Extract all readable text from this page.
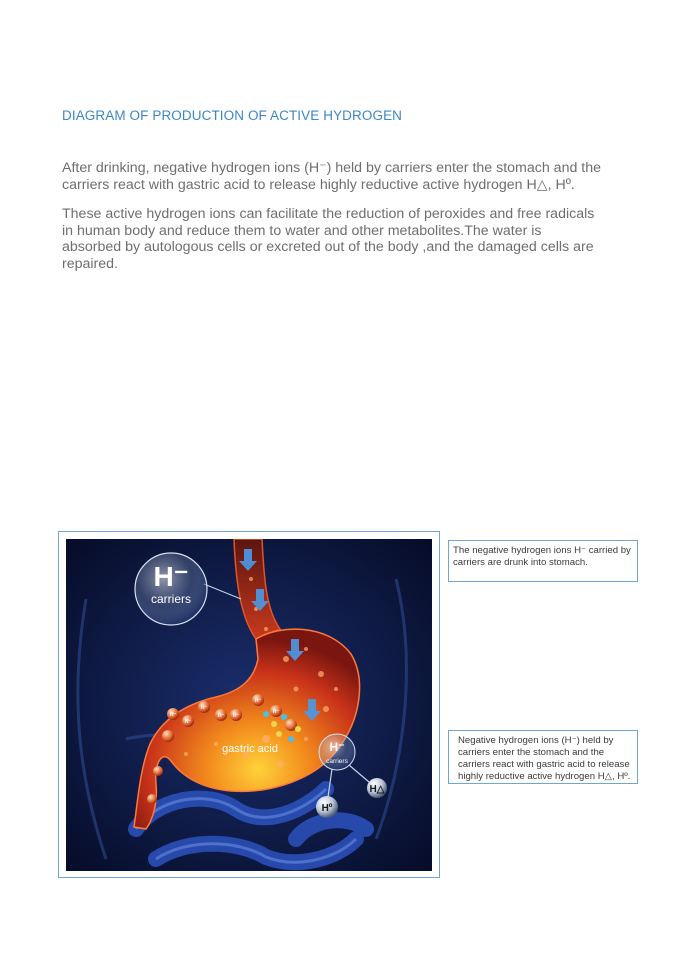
DIAGRAM OF PRODUCTION OF ACTIVE HYDROGEN

After drinking, negative hydrogen ions (H⁻) held by carriers enter the stomach and the carriers react with gastric acid to release highly reductive active hydrogen H△, Hº.

These active hydrogen ions can facilitate the reduction of peroxides and free radicals in human body and reduce them to water and other metabolites.The water is absorbed by autologous cells or excreted out of the body ,and the damaged cells are repaired.

H⁻
H⁻
H⁻
H⁻ H⁻
H⁻
H⁻
gastric acid
H⁻
carriers
H⁻
carriers
H△
Hº
The negative hydrogen ions H⁻ carried by carriers are drunk into stomach.
Negative hydrogen ions (H⁻) held by carriers enter the stomach and the carriers react with gastric acid to release highly reductive active hydrogen H△, Hº.
